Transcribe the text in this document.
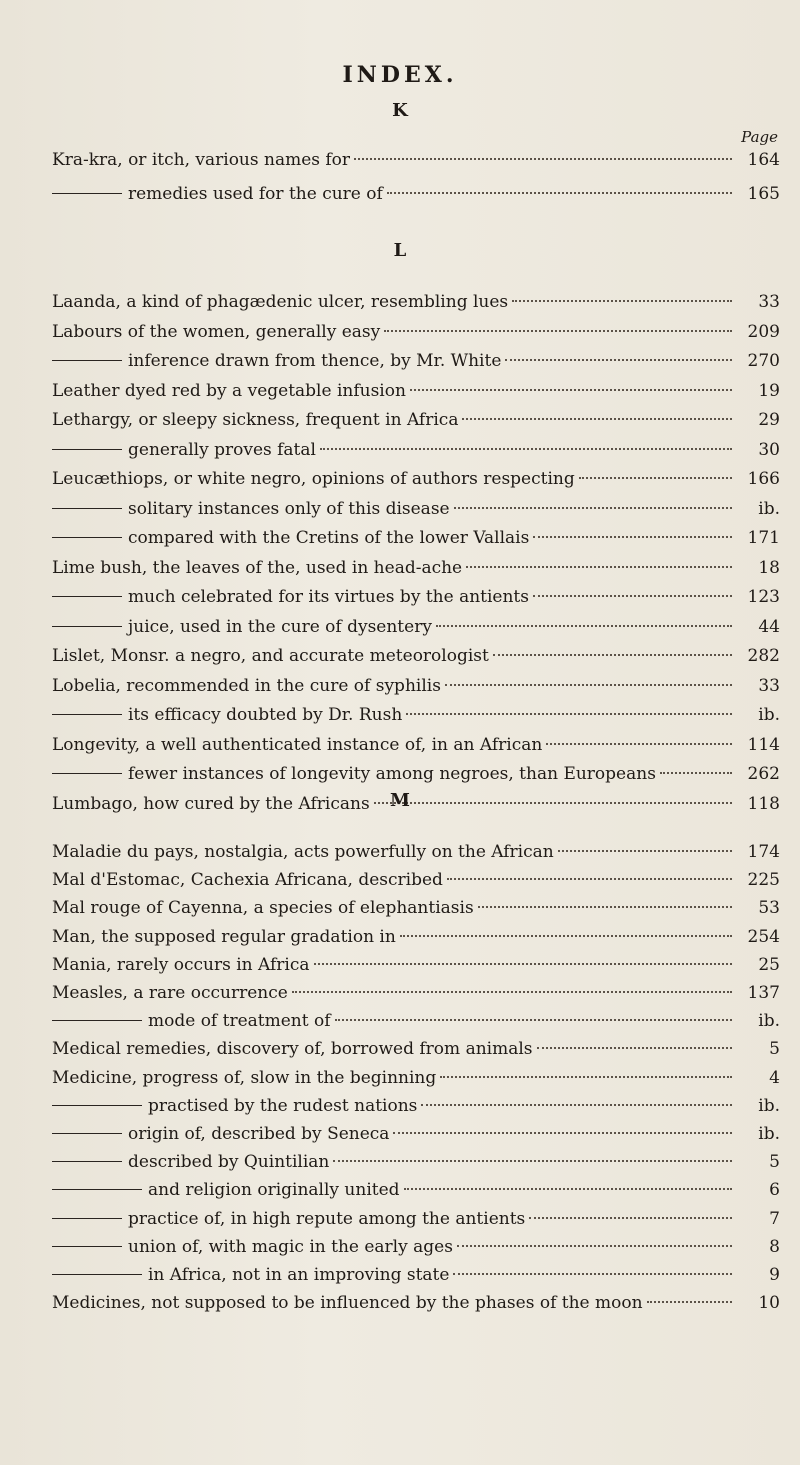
INDEX.
Page
K
Kra-kra, or itch, various names for	164
remedies used for the cure of	165
L
Laanda, a kind of phagædenic ulcer, resembling lues	33
Labours of the women, generally easy	209
inference drawn from thence, by Mr. White	270
Leather dyed red by a vegetable infusion	19
Lethargy, or sleepy sickness, frequent in Africa	29
generally proves fatal	30
Leucæthiops, or white negro, opinions of authors respecting	166
solitary instances only of this disease	ib.
compared with the Cretins of the lower Vallais	171
Lime bush, the leaves of the, used in head-ache	18
much celebrated for its virtues by the antients	123
juice, used in the cure of dysentery	44
Lislet, Monsr. a negro, and accurate meteorologist	282
Lobelia, recommended in the cure of syphilis	33
its efficacy doubted by Dr. Rush	ib.
Longevity, a well authenticated instance of, in an African	114
fewer instances of longevity among negroes, than Europeans	262
Lumbago, how cured by the Africans	118
M
Maladie du pays, nostalgia, acts powerfully on the African	174
Mal d'Estomac, Cachexia Africana, described	225
Mal rouge of Cayenna, a species of elephantiasis	53
Man, the supposed regular gradation in	254
Mania, rarely occurs in Africa	25
Measles, a rare occurrence	137
mode of treatment of	ib.
Medical remedies, discovery of, borrowed from animals	5
Medicine, progress of, slow in the beginning	4
practised by the rudest nations	ib.
origin of, described by Seneca	ib.
described by Quintilian	5
and religion originally united	6
practice of, in high repute among the antients	7
union of, with magic in the early ages	8
in Africa, not in an improving state	9
Medicines, not supposed to be influenced by the phases of the moon	10
